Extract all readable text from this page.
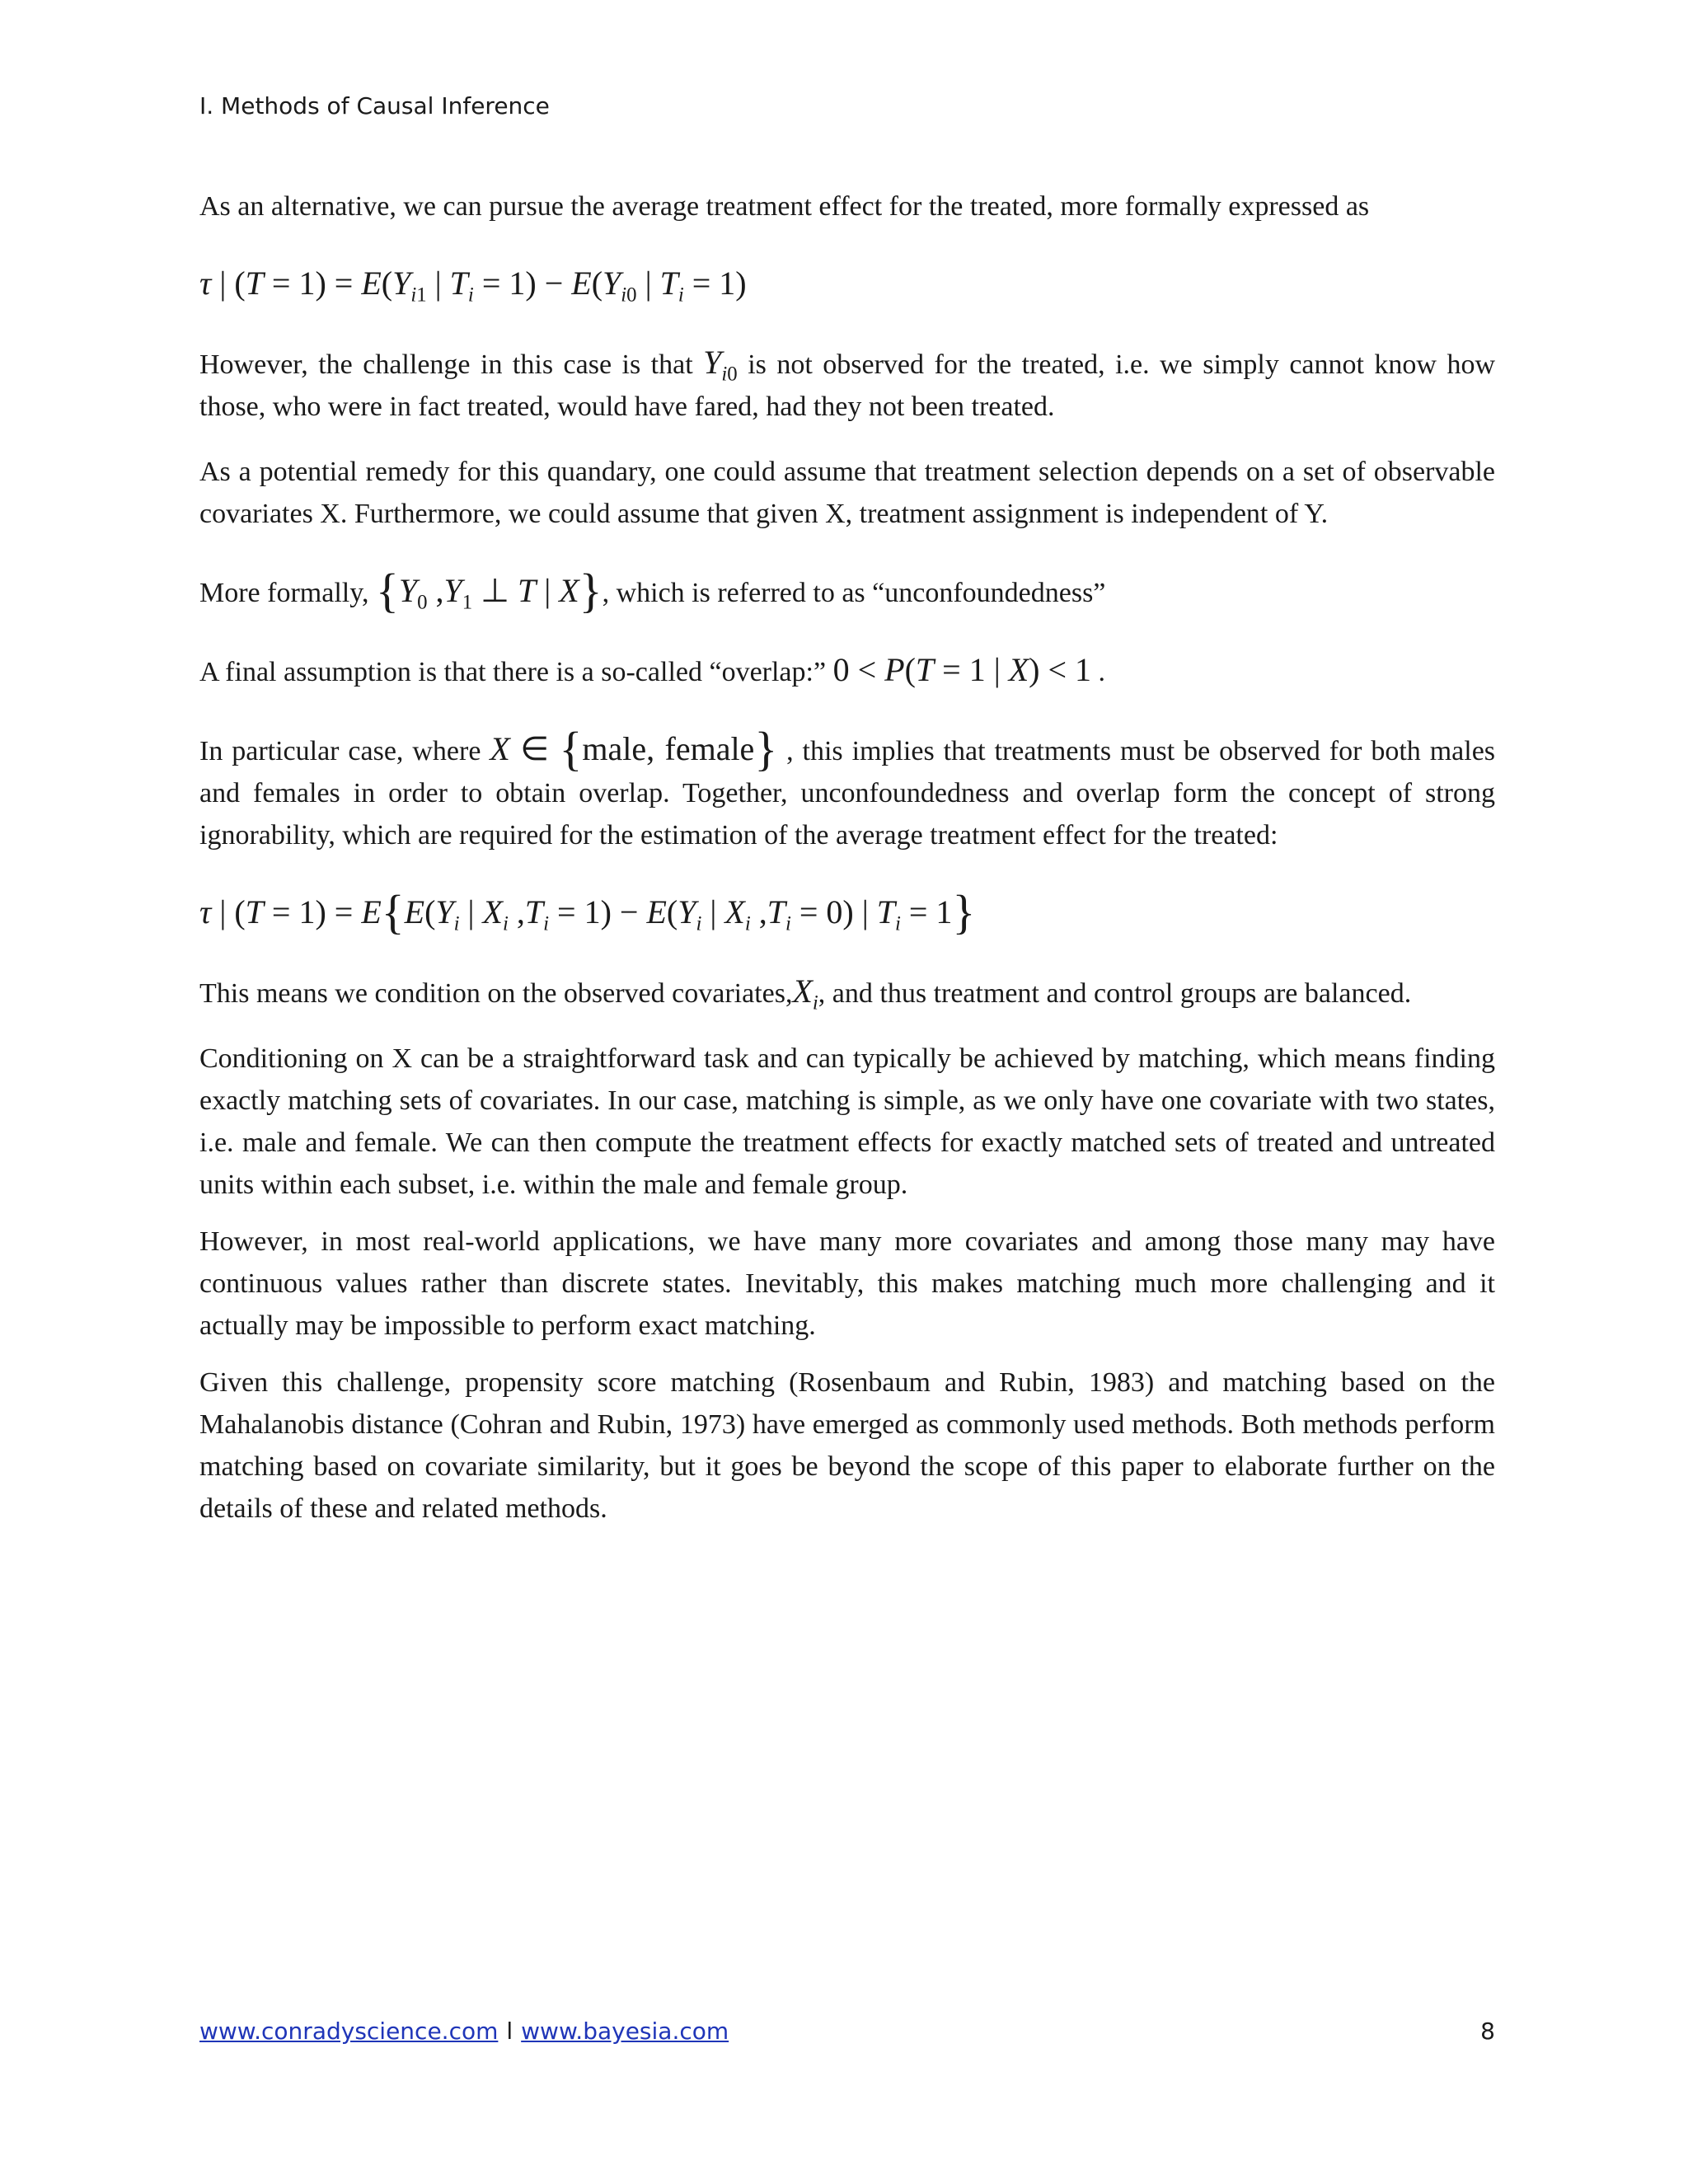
I. Methods of Causal Inference

As an alternative, we can pursue the average treatment effect for the treated, more formally expressed as

τ | $(T = 1) = E(Y_{i1}$ | $T_i = 1) - E(Y_{i0}$ | $T_i = 1$)

However, the challenge in this case is that $Y_{i0}$ is not observed for the treated, i.e. we simply cannot know how those, who were in fact treated, would have fared, had they not been treated.

As a potential remedy for this quandary, one could assume that treatment selection depends on a set of observable covariates X. Furthermore, we could assume that given X, treatment assignment is independent of Y.

More formally, {$Y_0$ $,Y_1$ ⊥ T | X}, which is referred to as “unconfoundedness”

A final assumption is that there is a so-called “overlap:” 0 < P(T = 1 | X) < 1 .

In particular case, where X ∈ {male, female} , this implies that treatments must be observed for both males and females in order to obtain overlap. Together, unconfoundedness and overlap form the concept of strong ignorability, which are required for the estimation of the average treatment effect for the treated:

τ | $(T = 1) = E\{E(Y_i$ | $X_i$ $,T_i = 1) - E(Y_i$ | $X_i$ $,T_i = 0$) | $T_i = 1$}

This means we condition on the observed $covariates,X_i$, and thus treatment and control groups are balanced.

Conditioning on X can be a straightforward task and can typically be achieved by matching, which means finding exactly matching sets of covariates. In our case, matching is simple, as we only have one covariate with two states, i.e. male and female. We can then compute the treatment effects for exactly matched sets of treated and untreated units within each subset, i.e. within the male and female group.

However, in most real-world applications, we have many more covariates and among those many may have continuous values rather than discrete states. Inevitably, this makes matching much more challenging and it actually may be impossible to perform exact matching.

Given this challenge, propensity score matching (Rosenbaum and Rubin, 1983) and matching based on the Mahalanobis distance (Cohran and Rubin, 1973) have emerged as commonly used methods. Both methods perform matching based on covariate similarity, but it goes be beyond the scope of this paper to elaborate further on the details of these and related methods.

www.conradyscience.com l www.bayesia.com	8
